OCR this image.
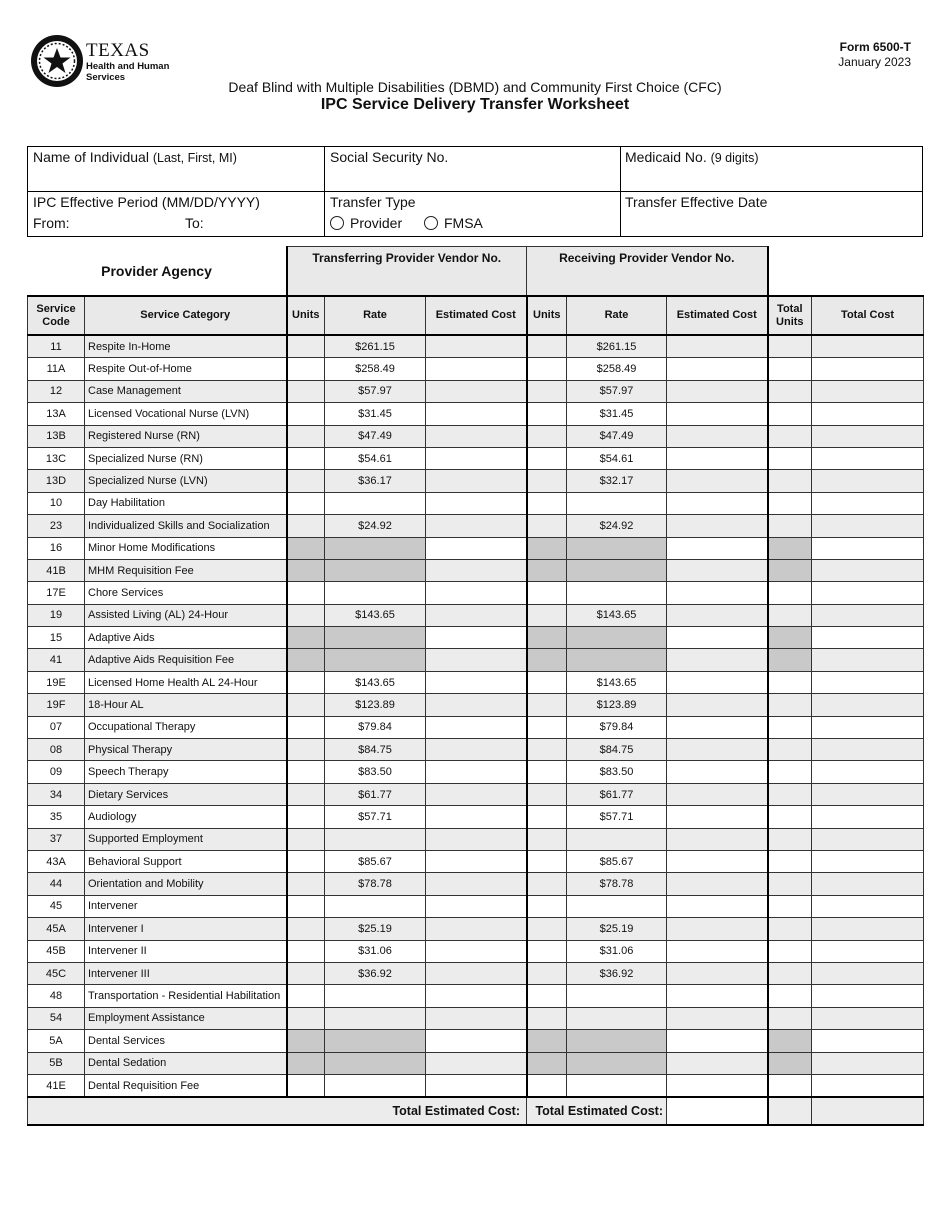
TEXAS
Health and Human Services
Form 6500-T
January 2023
Deaf Blind with Multiple Disabilities (DBMD) and Community First Choice (CFC)
IPC Service Delivery Transfer Worksheet
Name of Individual (Last, First, MI)	Social Security No.	Medicaid No. (9 digits)
IPC Effective Period (MM/DD/YYYY)
From:	To:
Transfer Type
Provider	FMSA
Transfer Effective Date
Provider Agency		Transferring Provider Vendor No.			Receiving Provider Vendor No.				
Service Code	Service Category	Units	Rate	Estimated Cost	Units	Rate	Estimated Cost	Total Units	Total Cost
11	Respite In-Home		$261.15			$261.15			
11A	Respite Out-of-Home		$258.49			$258.49			
12	Case Management		$57.97			$57.97			
13A	Licensed Vocational Nurse (LVN)		$31.45			$31.45			
13B	Registered Nurse (RN)		$47.49			$47.49			
13C	Specialized Nurse (RN)		$54.61			$54.61			
13D	Specialized Nurse (LVN)		$36.17			$32.17			
10	Day Habilitation								
23	Individualized Skills and Socialization		$24.92			$24.92			
16	Minor Home Modifications								
41B	MHM Requisition Fee								
17E	Chore Services								
19	Assisted Living (AL) 24-Hour		$143.65			$143.65			
15	Adaptive Aids								
41	Adaptive Aids Requisition Fee								
19E	Licensed Home Health AL 24-Hour		$143.65			$143.65			
19F	18-Hour AL		$123.89			$123.89			
07	Occupational Therapy		$79.84			$79.84			
08	Physical Therapy		$84.75			$84.75			
09	Speech Therapy		$83.50			$83.50			
34	Dietary Services		$61.77			$61.77			
35	Audiology		$57.71			$57.71			
37	Supported Employment								
43A	Behavioral Support		$85.67			$85.67			
44	Orientation and Mobility		$78.78			$78.78			
45	Intervener								
45A	Intervener I		$25.19			$25.19			
45B	Intervener II		$31.06			$31.06			
45C	Intervener III		$36.92			$36.92			
48	Transportation - Residential Habilitation								
54	Employment Assistance								
5A	Dental Services								
5B	Dental Sedation								
41E	Dental Requisition Fee								

Total Estimated Cost:					Total Estimated Cost:				
